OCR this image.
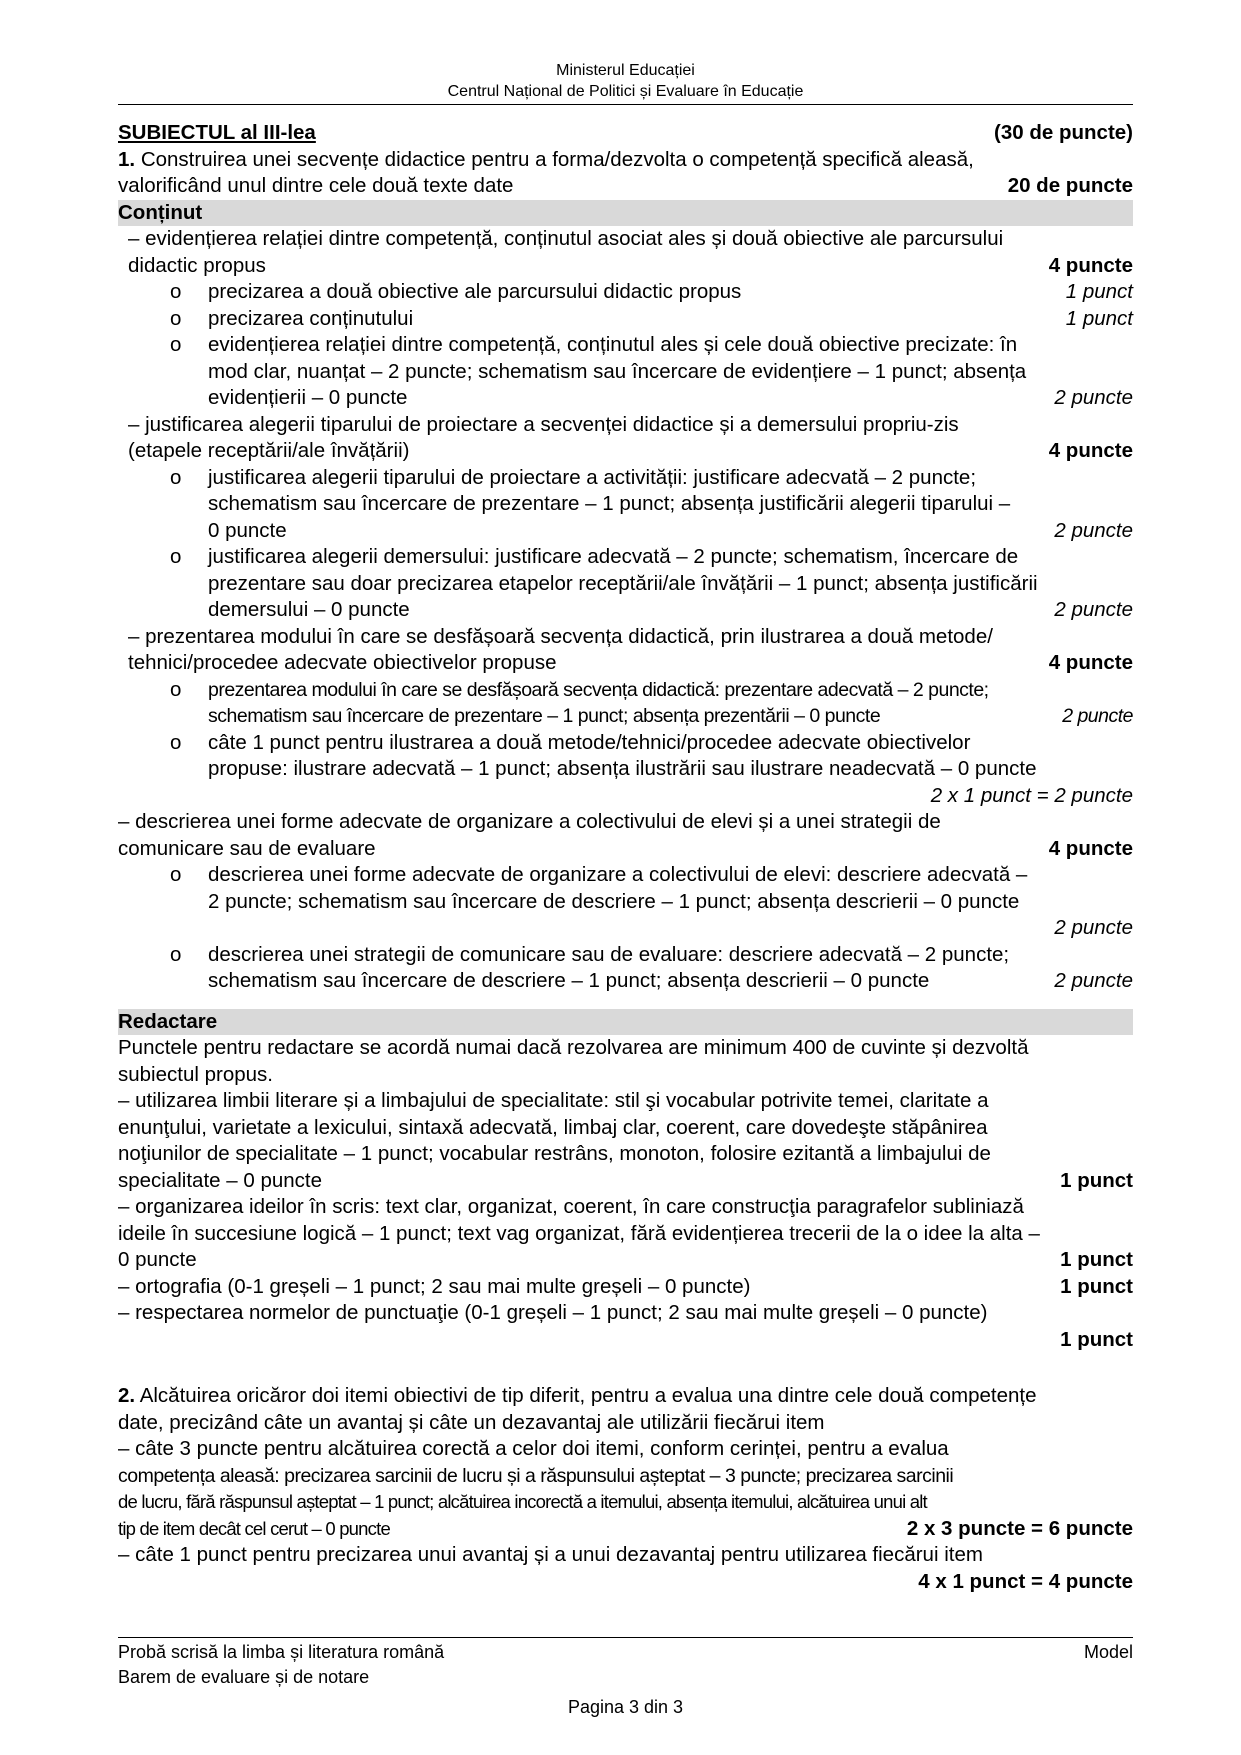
Ministerul Educației
Centrul Național de Politici și Evaluare în Educație
SUBIECTUL al III-lea	(30 de puncte)
1. Construirea unei secvențe didactice pentru a forma/dezvolta o competență specifică aleasă,
valorificând unul dintre cele două texte date	20 de puncte
Conținut
– evidențierea relației dintre competență, conținutul asociat ales și două obiective ale parcursului
didactic propus	4 puncte
o precizarea a două obiective ale parcursului didactic propus	1 punct
o precizarea conținutului	1 punct
o evidențierea relației dintre competență, conținutul ales și cele două obiective precizate: în
mod clar, nuanțat – 2 puncte; schematism sau încercare de evidențiere – 1 punct; absența
evidențierii – 0 puncte	2 puncte
– justificarea alegerii tiparului de proiectare a secvenței didactice și a demersului propriu-zis
(etapele receptării/ale învățării)	4 puncte
o justificarea alegerii tiparului de proiectare a activității: justificare adecvată – 2 puncte;
schematism sau încercare de prezentare – 1 punct; absența justificării alegerii tiparului –
0 puncte	2 puncte
o justificarea alegerii demersului: justificare adecvată – 2 puncte; schematism, încercare de
prezentare sau doar precizarea etapelor receptării/ale învățării – 1 punct; absența justificării
demersului – 0 puncte	2 puncte
– prezentarea modului în care se desfășoară secvența didactică, prin ilustrarea a două metode/
tehnici/procedee adecvate obiectivelor propuse	4 puncte
o prezentarea modului în care se desfășoară secvența didactică: prezentare adecvată – 2 puncte;
schematism sau încercare de prezentare – 1 punct; absența prezentării – 0 puncte	2 puncte
o câte 1 punct pentru ilustrarea a două metode/tehnici/procedee adecvate obiectivelor
propuse: ilustrare adecvată – 1 punct; absența ilustrării sau ilustrare neadecvată – 0 puncte
2 x 1 punct = 2 puncte
– descrierea unei forme adecvate de organizare a colectivului de elevi și a unei strategii de
comunicare sau de evaluare	4 puncte
o descrierea unei forme adecvate de organizare a colectivului de elevi: descriere adecvată –
2 puncte; schematism sau încercare de descriere – 1 punct; absența descrierii – 0 puncte
2 puncte
o descrierea unei strategii de comunicare sau de evaluare: descriere adecvată – 2 puncte;
schematism sau încercare de descriere – 1 punct; absența descrierii – 0 puncte	2 puncte
Redactare
Punctele pentru redactare se acordă numai dacă rezolvarea are minimum 400 de cuvinte și dezvoltă
subiectul propus.
– utilizarea limbii literare și a limbajului de specialitate: stil şi vocabular potrivite temei, claritate a
enunţului, varietate a lexicului, sintaxă adecvată, limbaj clar, coerent, care dovedeşte stăpânirea
noţiunilor de specialitate – 1 punct; vocabular restrâns, monoton, folosire ezitantă a limbajului de
specialitate – 0 puncte	1 punct
– organizarea ideilor în scris: text clar, organizat, coerent, în care construcţia paragrafelor subliniază
ideile în succesiune logică – 1 punct; text vag organizat, fără evidențierea trecerii de la o idee la alta –
0 puncte	1 punct
– ortografia (0-1 greșeli – 1 punct; 2 sau mai multe greșeli – 0 puncte)	1 punct
– respectarea normelor de punctuaţie (0-1 greșeli – 1 punct; 2 sau mai multe greșeli – 0 puncte)
1 punct
2. Alcătuirea oricăror doi itemi obiectivi de tip diferit, pentru a evalua una dintre cele două competențe
date, precizând câte un avantaj și câte un dezavantaj ale utilizării fiecărui item
– câte 3 puncte pentru alcătuirea corectă a celor doi itemi, conform cerinței, pentru a evalua
competența aleasă: precizarea sarcinii de lucru și a răspunsului așteptat – 3 puncte; precizarea sarcinii
de lucru, fără răspunsul așteptat – 1 punct; alcătuirea incorectă a itemului, absența itemului, alcătuirea unui alt
tip de item decât cel cerut – 0 puncte	2 x 3 puncte = 6 puncte
– câte 1 punct pentru precizarea unui avantaj și a unui dezavantaj pentru utilizarea fiecărui item
4 x 1 punct = 4 puncte
Probă scrisă la limba și literatura română	Model
Barem de evaluare și de notare
Pagina 3 din 3
